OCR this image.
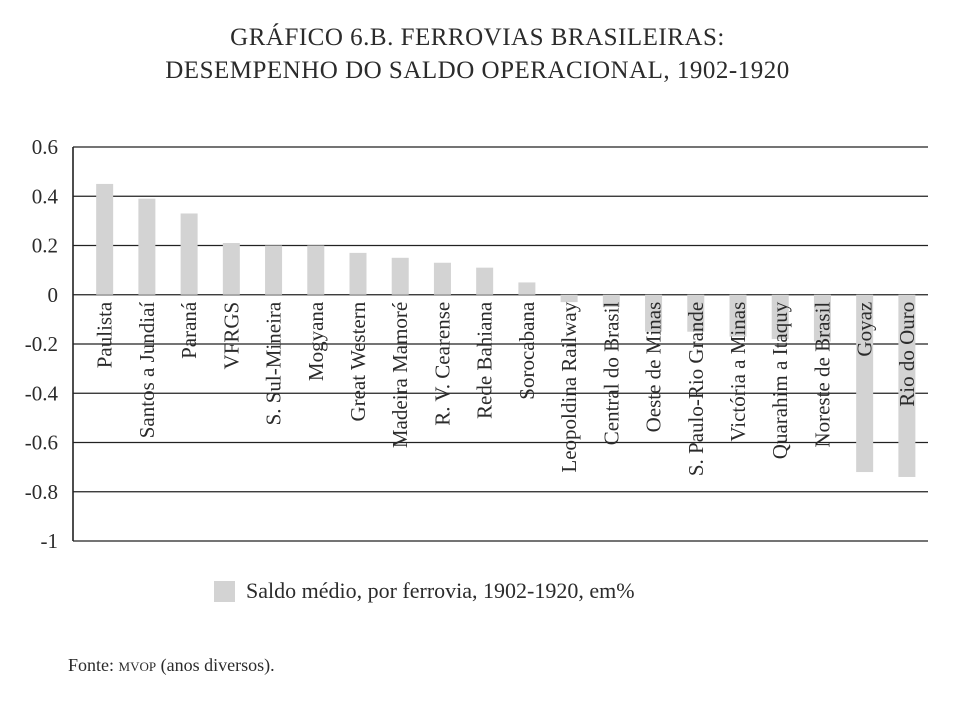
GRÁFICO 6.B. FERROVIAS BRASILEIRAS:
DESEMPENHO DO SALDO OPERACIONAL, 1902-1920
0.6
0.4
0.2
0
-0.2
-0.4
-0.6
-0.8
-1
Paulista Santos a Jundiaí Paraná VFRGS S. Sul-Mineira Mogyana Great Western Madeira Mamoré R. V. Cearense Rede Bahiana Sorocabana Leopoldina Railway Central do Brasil Oeste de Minas S. Paulo-Rio Grande Victória a Minas Quarahim a Itaquy Noreste de Brasil Goyaz Rio do Ouro
Saldo médio, por ferrovia, 1902-1920, em%
Fonte: mvop (anos diversos).
